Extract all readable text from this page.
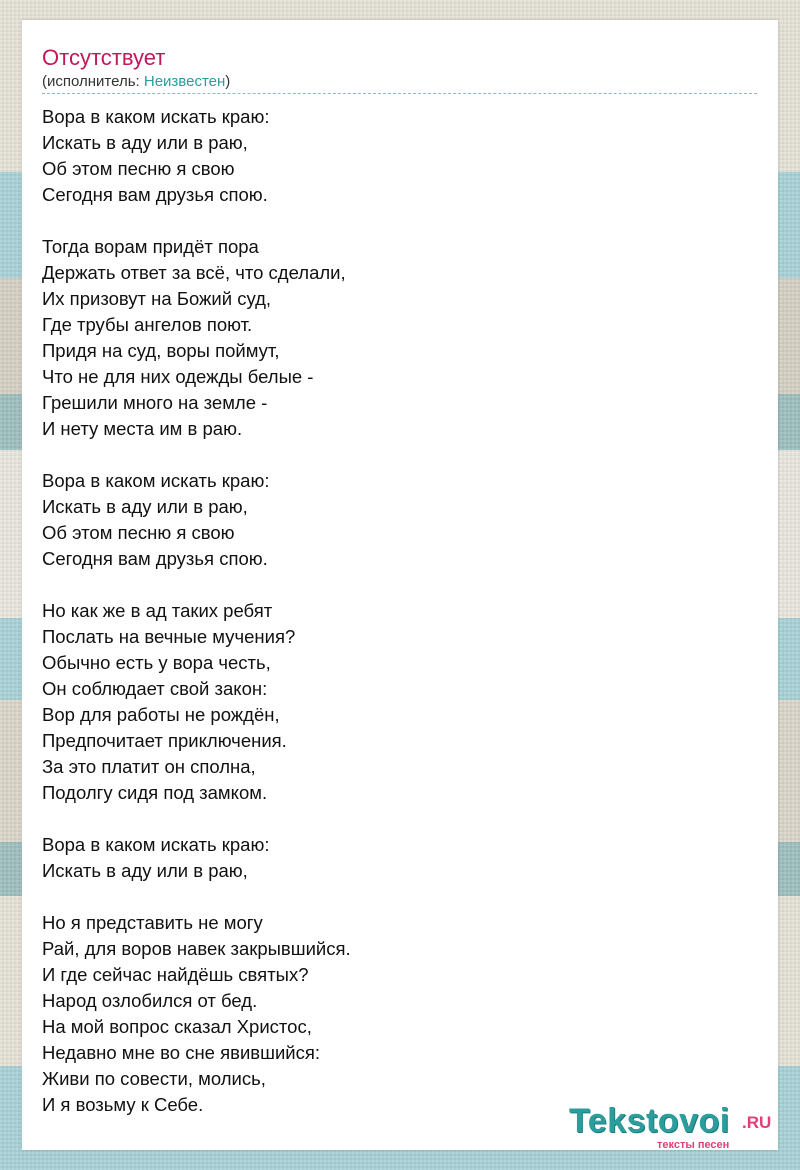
Отсутствует
(исполнитель: Неизвестен)
Вора в каком искать краю:
Искать в аду или в раю,
Об этом песню я свою
Сегодня вам друзья спою.
Тогда ворам придёт пора
Держать ответ за всё, что сделали,
Их призовут на Божий суд,
Где трубы ангелов поют.
Придя на суд, воры поймут,
Что не для них одежды белые -
Грешили много на земле -
И нету места им в раю.
Вора в каком искать краю:
Искать в аду или в раю,
Об этом песню я свою
Сегодня вам друзья спою.
Но как же в ад таких ребят
Послать на вечные мучения?
Обычно есть у вора честь,
Он соблюдает свой закон:
Вор для работы не рождён,
Предпочитает приключения.
За это платит он сполна,
Подолгу сидя под замком.
Вора в каком искать краю:
Искать в аду или в раю,
Но я представить не могу
Рай, для воров навек закрывшийся.
И где сейчас найдёшь святых?
Народ озлобился от бед.
На мой вопрос сказал Христос,
Недавно мне во сне явившийся:
Живи по совести, молись,
И я возьму к Себе.	Tekstovoi .RU
тексты песен
